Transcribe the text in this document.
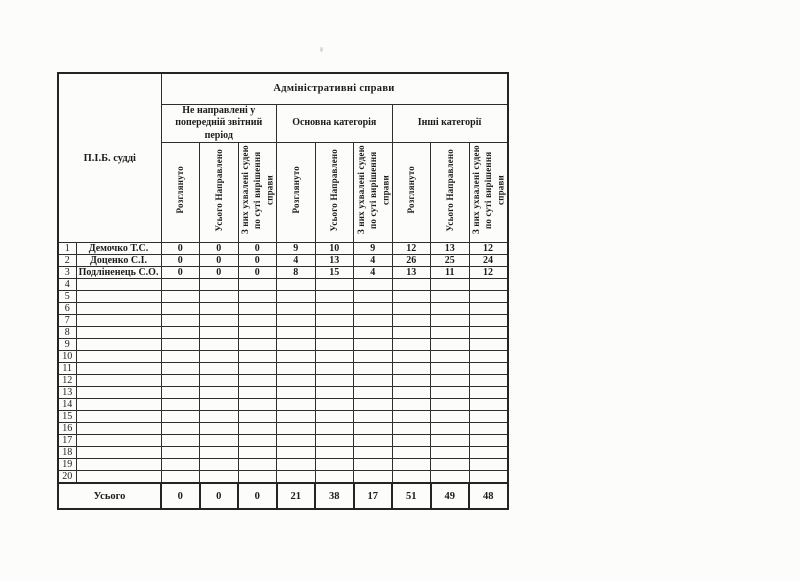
П.І.Б. судді		Адміністративні справи								
		Не направлені у попередній звітний період			Основна категорія			Інші категорії		
		Розглянуто	Усього Направлено	З них ухвалені судею по суті вирішення справи	Розглянуто	Усього Направлено	З них ухвалені судею по суті вирішення справи	Розглянуто	Усього Направлено	З них ухвалені судею по суті вирішення справи
1	Демочко Т.С.	0	0	0	9	10	9	12	13	12
2	Доценко С.І.	0	0	0	4	13	4	26	25	24
3	Подліненець С.О.	0	0	0	8	15	4	13	11	12
4										
5										
6										
7										
8										
9										
10										
11										
12										
13										
14										
15										
16										
17										
18										
19										
20										
Усього		0	0	0	21	38	17	51	49	48
